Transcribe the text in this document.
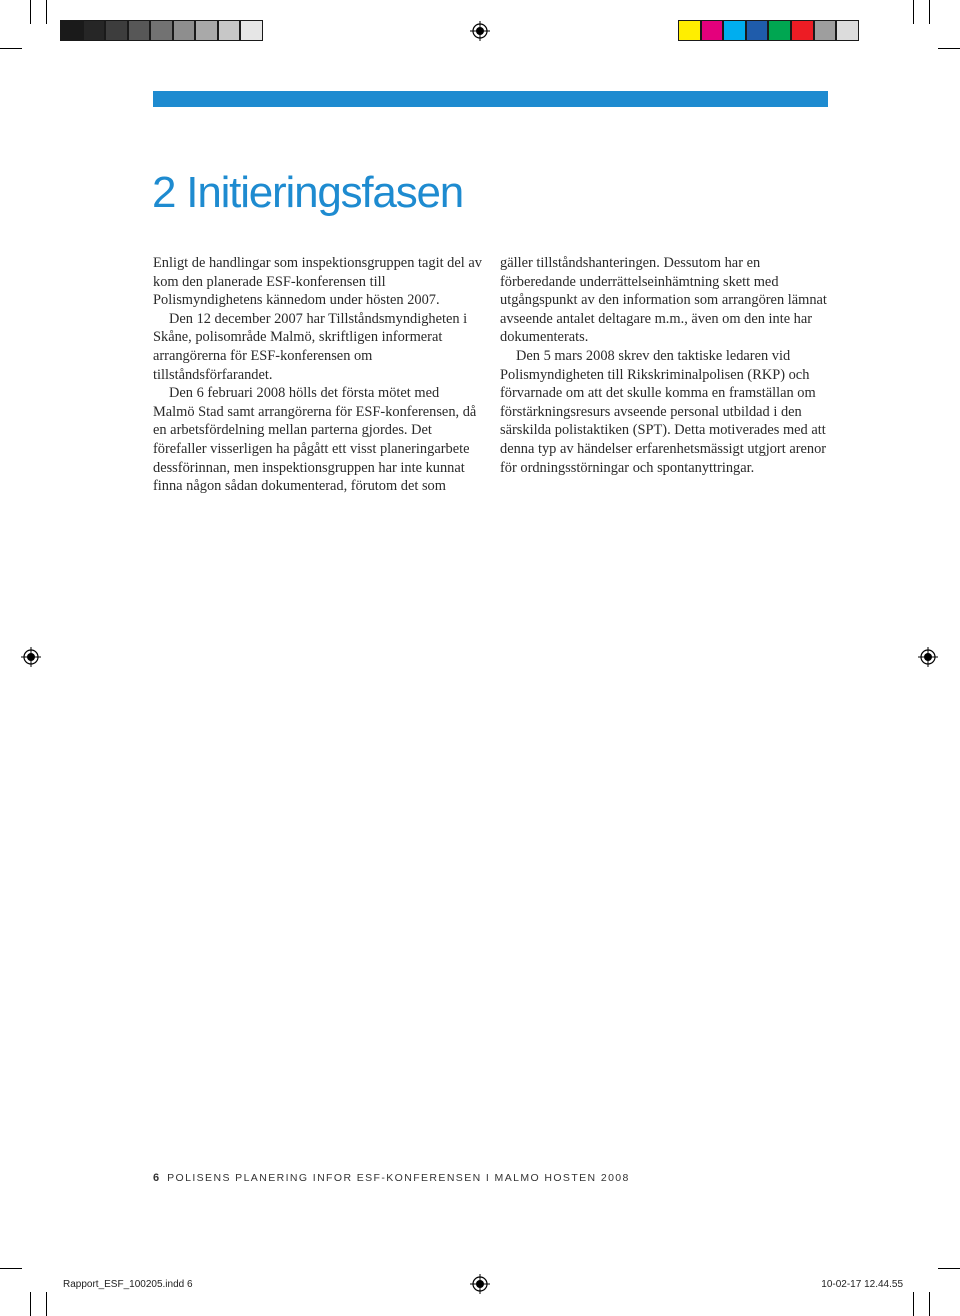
2 Initieringsfasen

Enligt de handlingar som inspektionsgruppen tagit del av kom den planerade ESF-konferensen till Polismyndighetens kännedom under hösten 2007.

Den 12 december 2007 har Tillståndsmyndigheten i Skåne, polisområde Malmö, skriftligen informerat arrangörerna för ESF-konferensen om tillståndsförfarandet.

Den 6 februari 2008 hölls det första mötet med Malmö Stad samt arrangörerna för ESF-konferensen, då en arbetsfördelning mellan parterna gjordes. Det förefaller visserligen ha pågått ett visst planeringarbete dessförinnan, men inspektionsgruppen har inte kunnat finna någon sådan dokumenterad, förutom det som

gäller tillståndshanteringen. Dessutom har en förberedande underrättelseinhämtning skett med utgångspunkt av den information som arrangören lämnat avseende antalet deltagare m.m., även om den inte har dokumenterats.

Den 5 mars 2008 skrev den taktiske ledaren vid Polismyndigheten till Rikskriminalpolisen (RKP) och förvarnade om att det skulle komma en framställan om förstärkningsresurs avseende personal utbildad i den särskilda polistaktiken (SPT). Detta motiverades med att denna typ av händelser erfarenhetsmässigt utgjort arenor för ordningsstörningar och spontanyttringar.

6 POLISENS PLANERING INFOR ESF-KONFERENSEN I MALMO HOSTEN 2008
Rapport_ESF_100205.indd 6	10-02-17 12.44.55
